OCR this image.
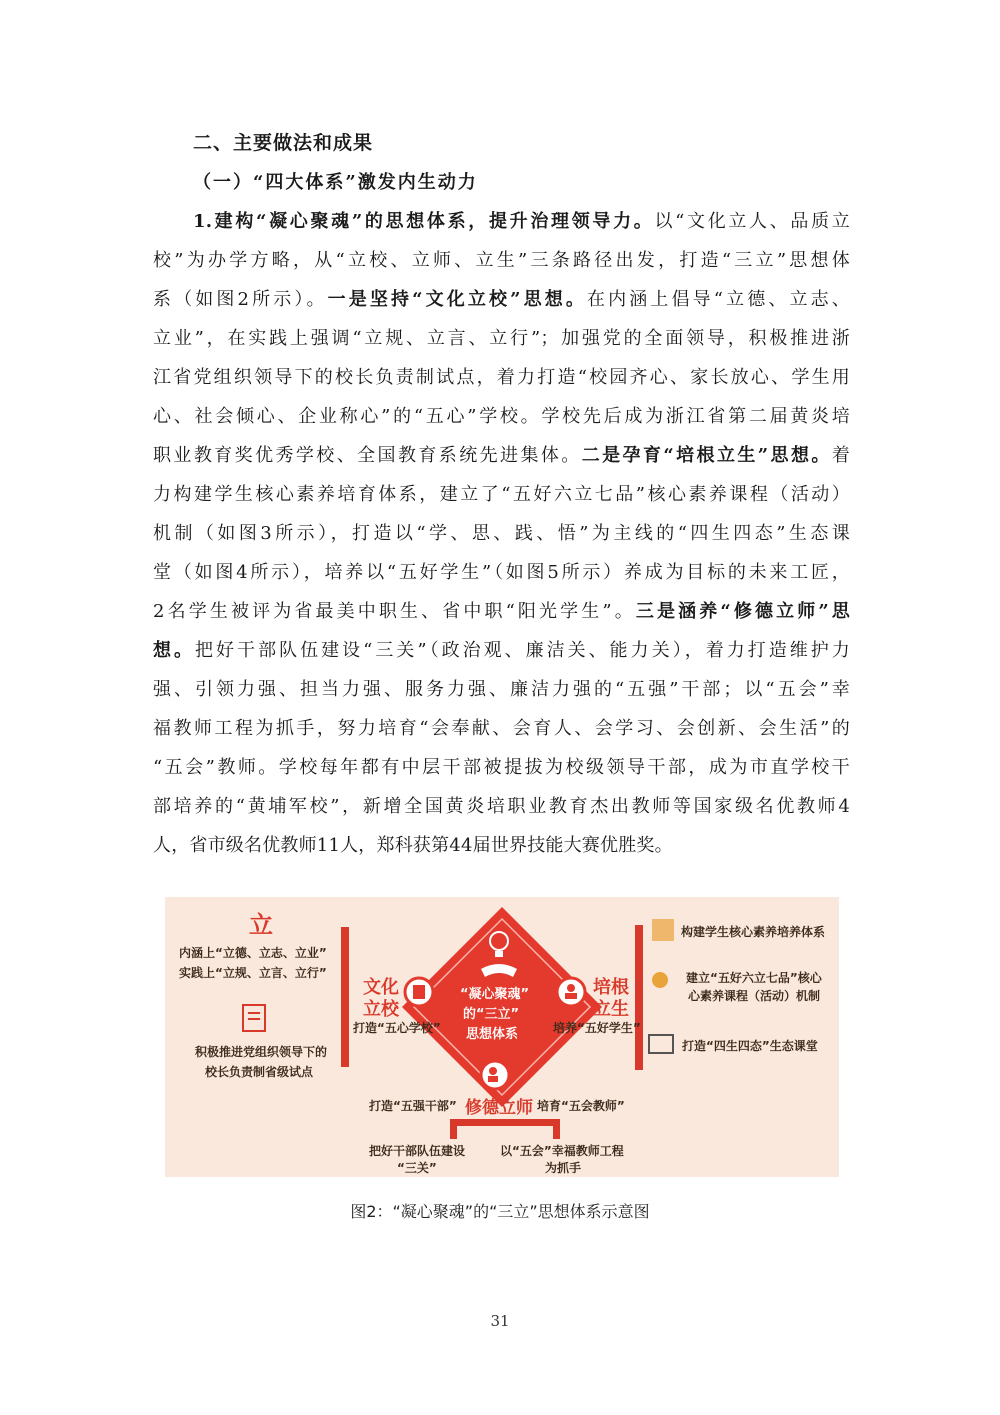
二、主要做法和成果
（一）“四大体系”激发内生动力
1.建构“凝心聚魂”的思想体系，提升治理领导力。以“文化立人、品质立
校”为办学方略，从“立校、立师、立生”三条路径出发，打造“三立”思想体
系（如图2所示）。一是坚持“文化立校”思想。在内涵上倡导“立德、立志、
立业”，在实践上强调“立规、立言、立行”；加强党的全面领导，积极推进浙
江省党组织领导下的校长负责制试点，着力打造“校园齐心、家长放心、学生用
心、社会倾心、企业称心”的“五心”学校。学校先后成为浙江省第二届黄炎培
职业教育奖优秀学校、全国教育系统先进集体。二是孕育“培根立生”思想。着
力构建学生核心素养培育体系，建立了“五好六立七品”核心素养课程（活动）
机制（如图3所示），打造以“学、思、践、悟”为主线的“四生四态”生态课
堂（如图4所示），培养以“五好学生”（如图5所示）养成为目标的未来工匠，
2名学生被评为省最美中职生、省中职“阳光学生”。三是涵养“修德立师”思
想。把好干部队伍建设“三关”（政治观、廉洁关、能力关），着力打造维护力
强、引领力强、担当力强、服务力强、廉洁力强的“五强”干部；以“五会”幸
福教师工程为抓手，努力培育“会奉献、会育人、会学习、会创新、会生活”的
“五会”教师。学校每年都有中层干部被提拔为校级领导干部，成为市直学校干
部培养的“黄埔军校”，新增全国黄炎培职业教育杰出教师等国家级名优教师4
人，省市级名优教师11人，郑科获第44届世界技能大赛优胜奖。
立
内涵上“立德、立志、立业”
实践上“立规、立言、立行”
积极推进党组织领导下的
校长负责制省级试点
文化
立校
打造“五心学校”
“凝心聚魂”
的“三立”
思想体系
培根
立生
培养“五好学生”
构建学生核心素养培养体系
建立“五好六立七品”核心
心素养课程（活动）机制
打造“四生四态”生态课堂
打造“五强干部” 修德立师 培育“五会教师”
把好干部队伍建设
“三关”
以“五会”幸福教师工程
为抓手
图2：“凝心聚魂”的“三立”思想体系示意图
31
